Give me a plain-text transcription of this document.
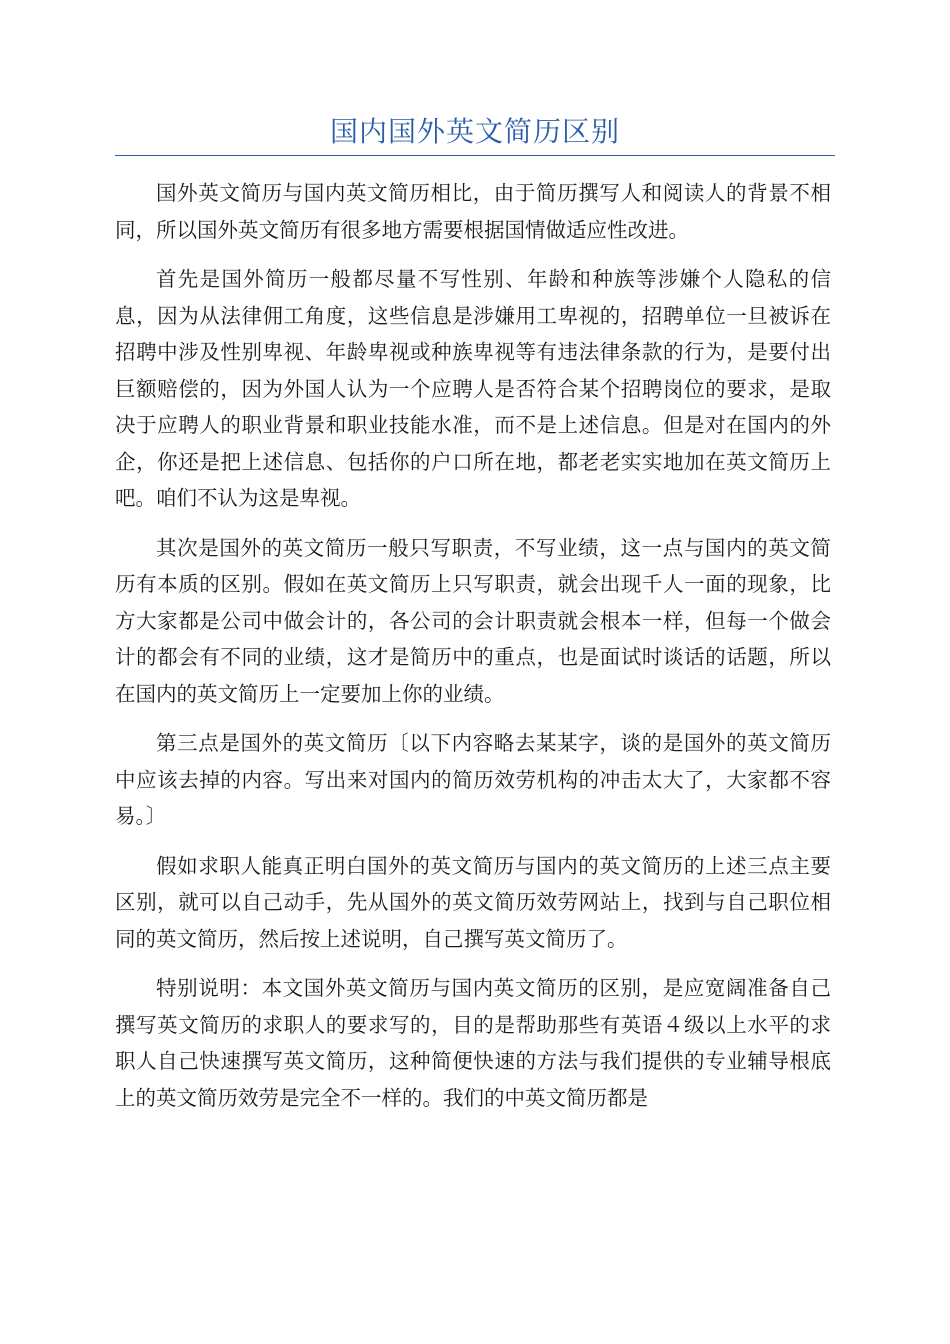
国内国外英文简历区别

国外英文简历与国内英文简历相比，由于简历撰写人和阅读人的背景不相同，所以国外英文简历有很多地方需要根据国情做适应性改进。

首先是国外简历一般都尽量不写性别、年龄和种族等涉嫌个人隐私的信息，因为从法律佣工角度，这些信息是涉嫌用工卑视的，招聘单位一旦被诉在招聘中涉及性别卑视、年龄卑视或种族卑视等有违法律条款的行为，是要付出巨额赔偿的，因为外国人认为一个应聘人是否符合某个招聘岗位的要求，是取决于应聘人的职业背景和职业技能水准，而不是上述信息。但是对在国内的外企，你还是把上述信息、包括你的户口所在地，都老老实实地加在英文简历上吧。咱们不认为这是卑视。

其次是国外的英文简历一般只写职责，不写业绩，这一点与国内的英文简历有本质的区别。假如在英文简历上只写职责，就会出现千人一面的现象，比方大家都是公司中做会计的，各公司的会计职责就会根本一样，但每一个做会计的都会有不同的业绩，这才是简历中的重点，也是面试时谈话的话题，所以在国内的英文简历上一定要加上你的业绩。

第三点是国外的英文简历〔以下内容略去某某字，谈的是国外的英文简历中应该去掉的内容。写出来对国内的简历效劳机构的冲击太大了，大家都不容易。〕

假如求职人能真正明白国外的英文简历与国内的英文简历的上述三点主要区别，就可以自己动手，先从国外的英文简历效劳网站上，找到与自己职位相同的英文简历，然后按上述说明，自己撰写英文简历了。

特别说明：本文国外英文简历与国内英文简历的区别，是应宽阔准备自己撰写英文简历的求职人的要求写的，目的是帮助那些有英语４级以上水平的求职人自己快速撰写英文简历，这种简便快速的方法与我们提供的专业辅导根底上的英文简历效劳是完全不一样的。我们的中英文简历都是
